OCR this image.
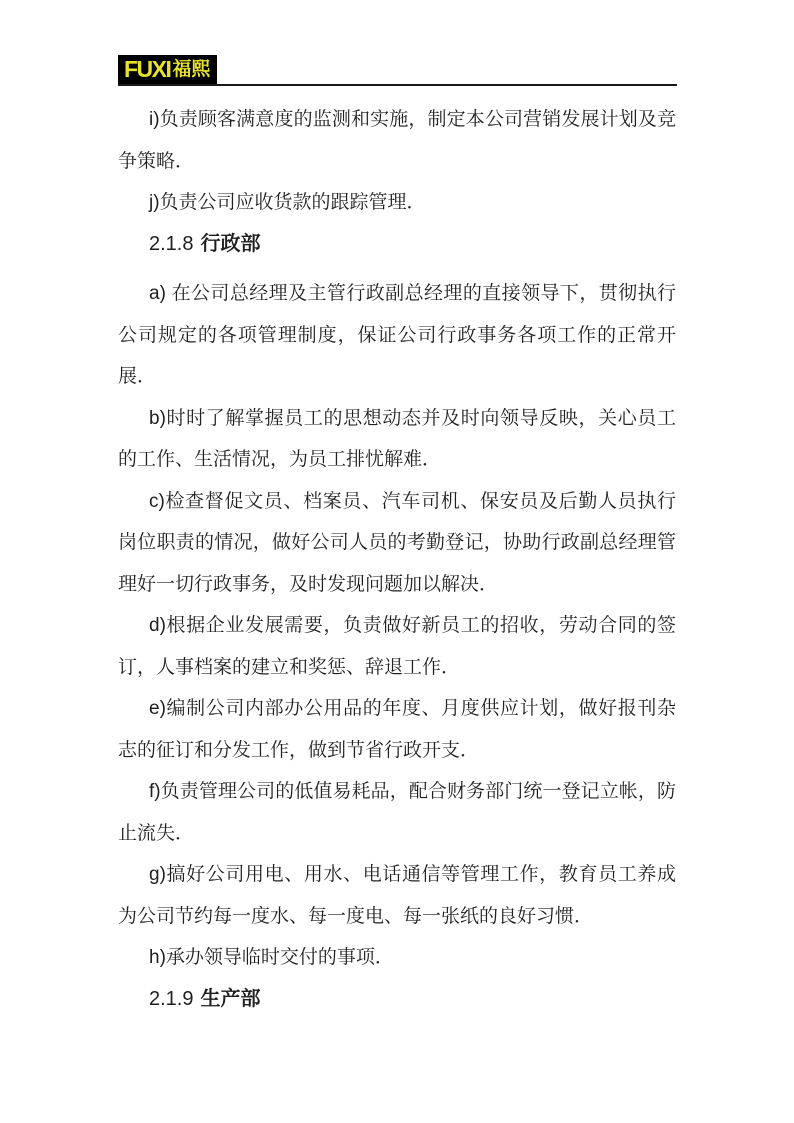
FUXI 福熙

i)负责顾客满意度的监测和实施，制定本公司营销发展计划及竞争策略．

j)负责公司应收货款的跟踪管理．

2.1.8 行政部

a) 在公司总经理及主管行政副总经理的直接领导下，贯彻执行公司规定的各项管理制度，保证公司行政事务各项工作的正常开展．

b)时时了解掌握员工的思想动态并及时向领导反映，关心员工的工作、生活情况，为员工排忧解难．

c)检查督促文员、档案员、汽车司机、保安员及后勤人员执行岗位职责的情况，做好公司人员的考勤登记，协助行政副总经理管理好一切行政事务，及时发现问题加以解决．

d)根据企业发展需要，负责做好新员工的招收，劳动合同的签订，人事档案的建立和奖惩、辞退工作．

e)编制公司内部办公用品的年度、月度供应计划，做好报刊杂志的征订和分发工作，做到节省行政开支．

f)负责管理公司的低值易耗品，配合财务部门统一登记立帐，防止流失．

g)搞好公司用电、用水、电话通信等管理工作，教育员工养成为公司节约每一度水、每一度电、每一张纸的良好习惯．

h)承办领导临时交付的事项．

2.1.9 生产部
